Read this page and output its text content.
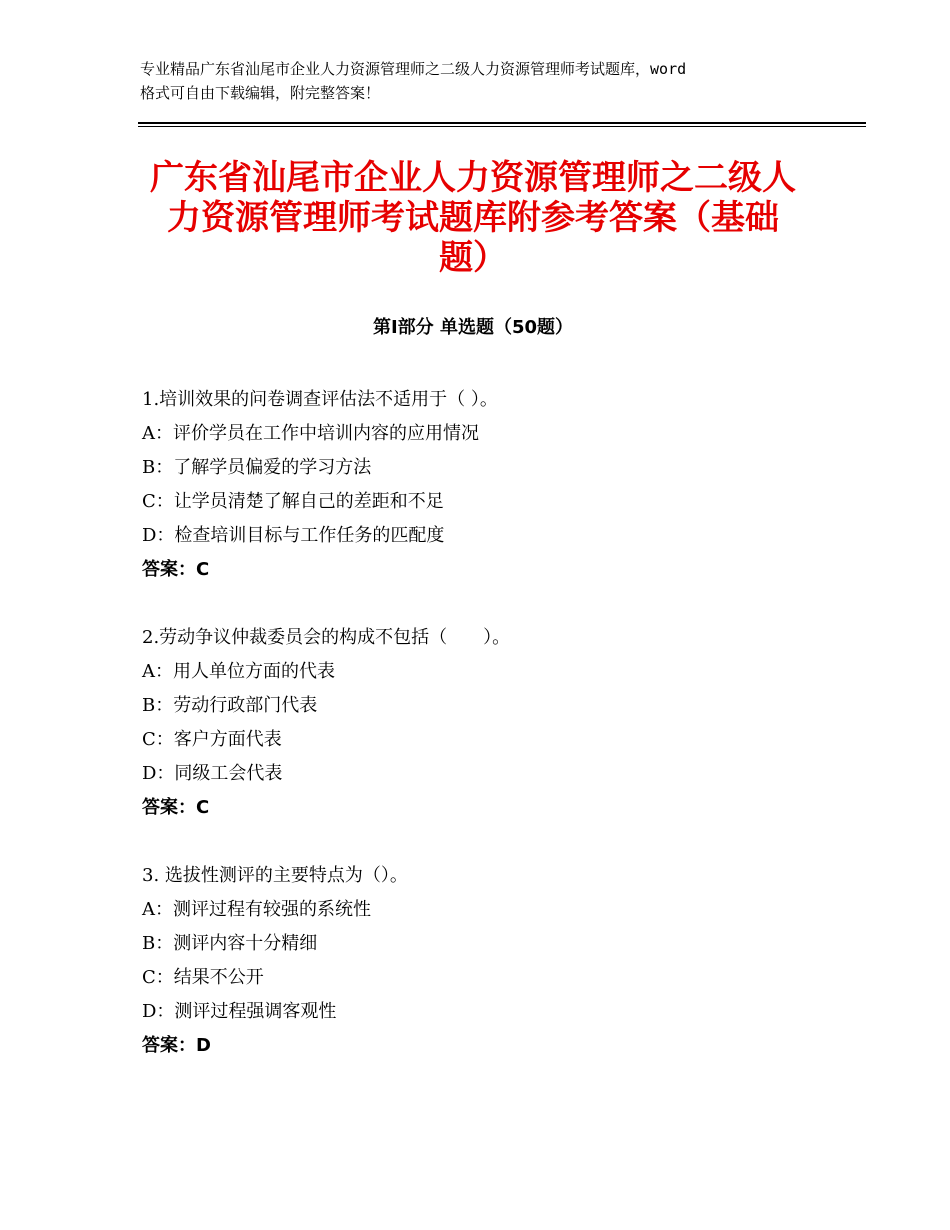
专业精品广东省汕尾市企业人力资源管理师之二级人力资源管理师考试题库，word
格式可自由下载编辑，附完整答案！
广东省汕尾市企业人力资源管理师之二级人
力资源管理师考试题库附参考答案（基础
题）
第Ⅰ部分 单选题（50题）
1.培训效果的问卷调查评估法不适用于（ ）。
A：评价学员在工作中培训内容的应用情况
B：了解学员偏爱的学习方法
C：让学员清楚了解自己的差距和不足
D：检查培训目标与工作任务的匹配度
答案：C
2.劳动争议仲裁委员会的构成不包括（　　）。
A：用人单位方面的代表
B：劳动行政部门代表
C：客户方面代表
D：同级工会代表
答案：C
3. 选拔性测评的主要特点为（）。
A：测评过程有较强的系统性
B：测评内容十分精细
C：结果不公开
D：测评过程强调客观性
答案：D
